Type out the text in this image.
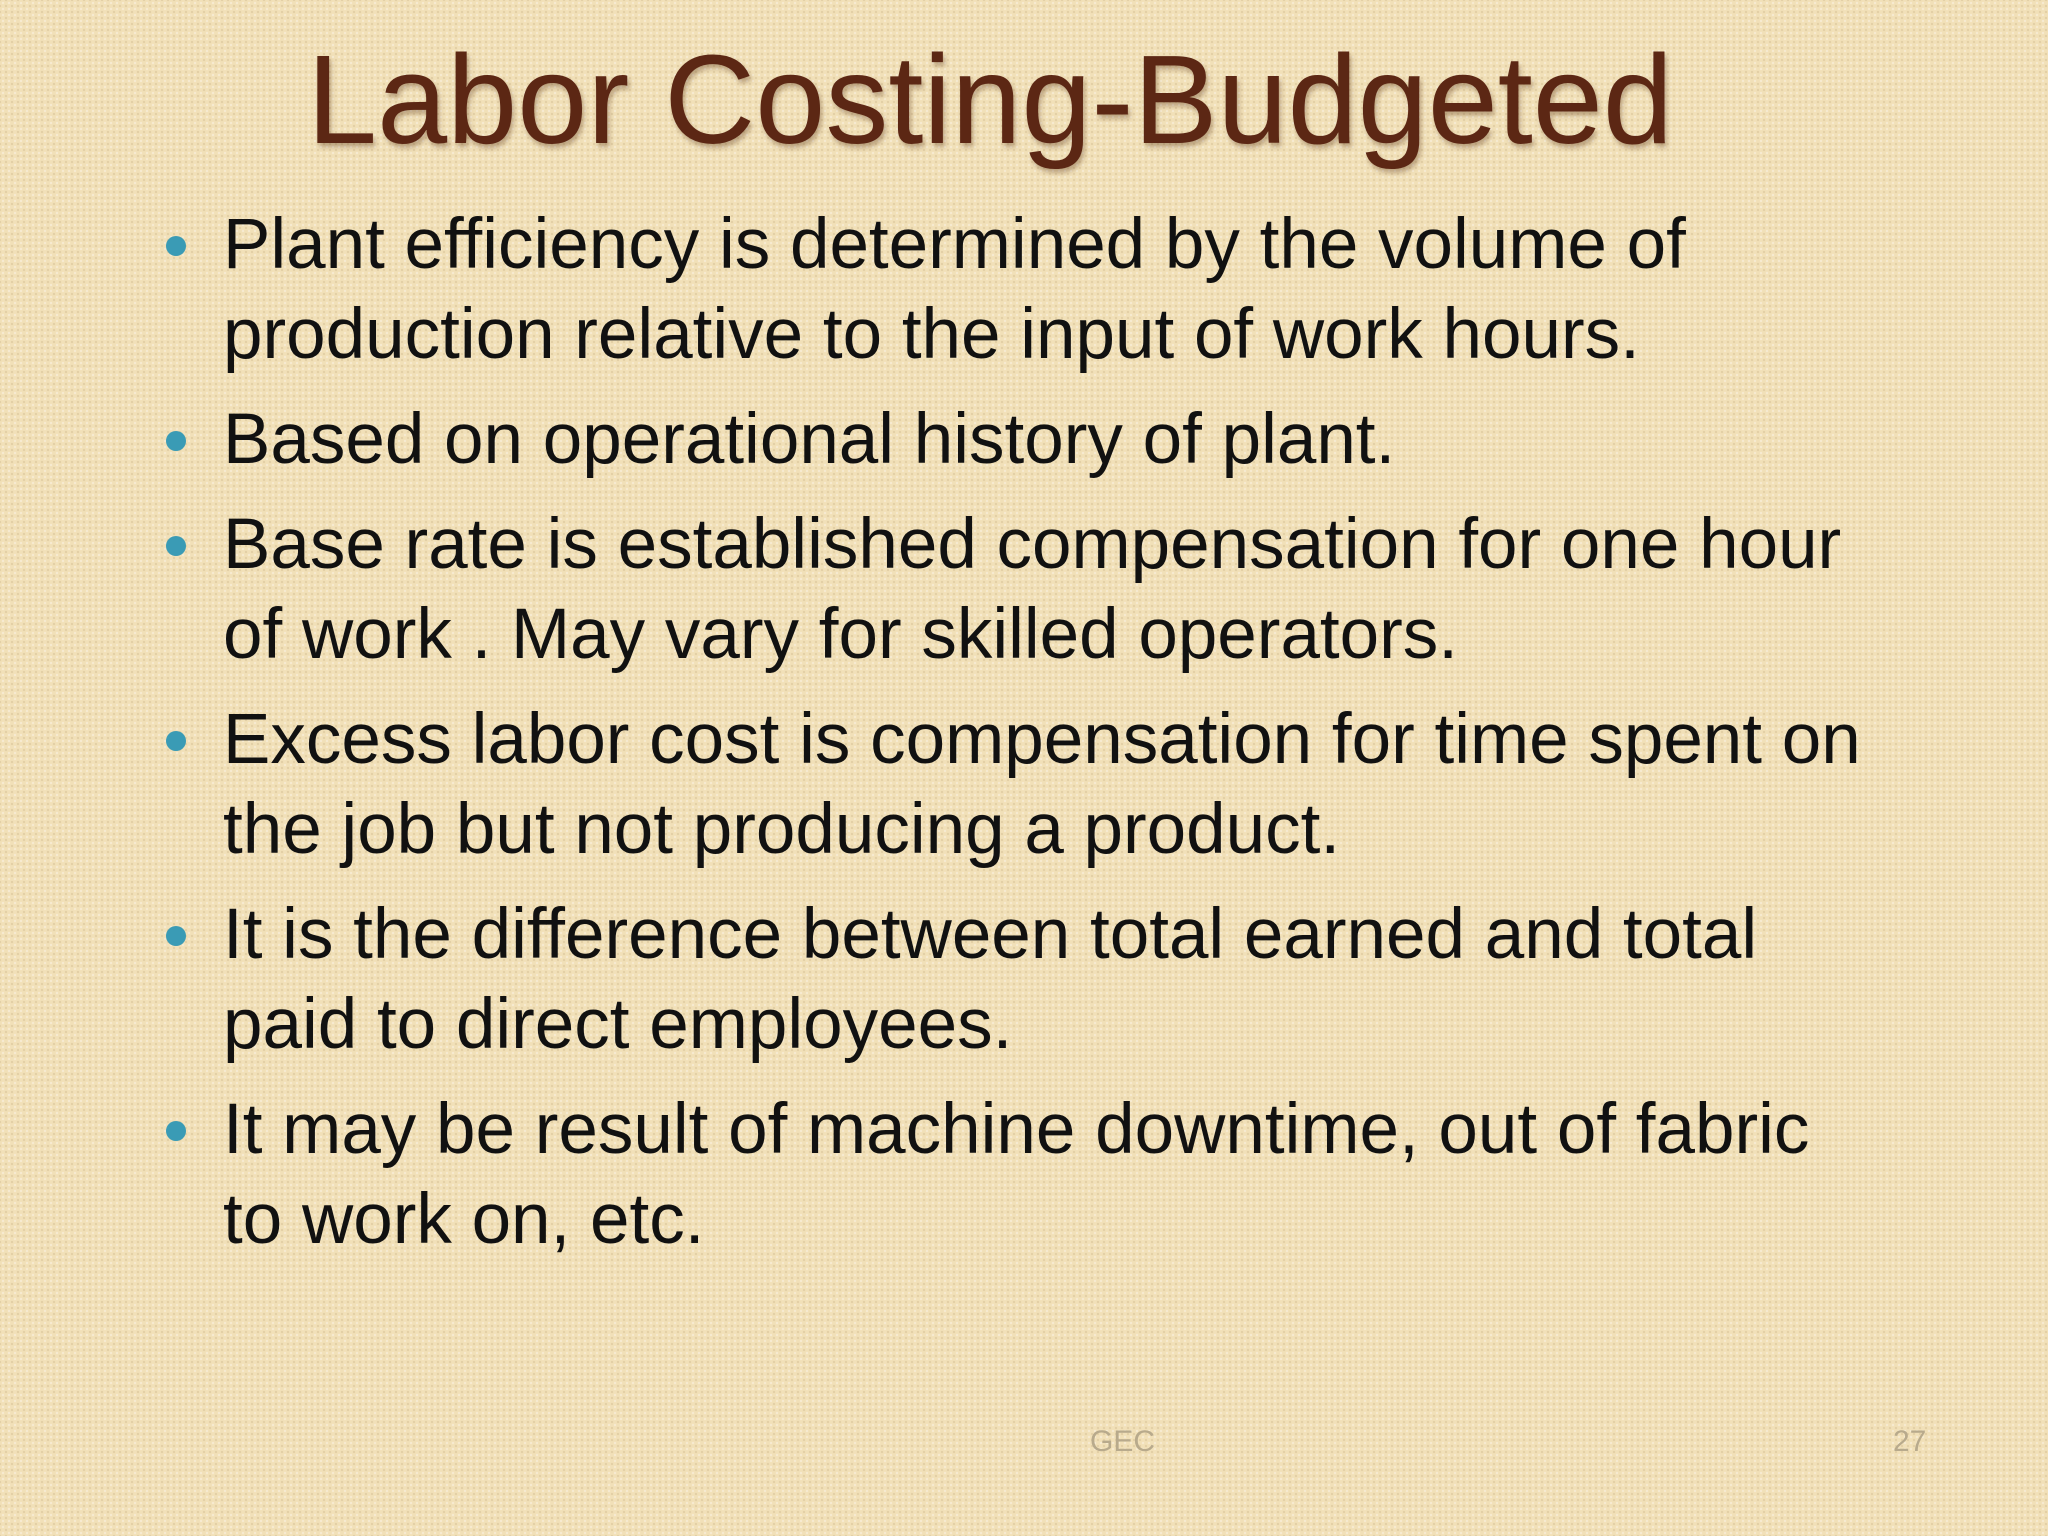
Labor Costing-Budgeted
Plant efficiency is determined by the volume of production relative to the input of work hours.
Based on operational history of plant.
Base rate is established compensation for one hour of work . May vary for skilled operators.
Excess labor cost is compensation for time spent on the job but not producing a product.
It is the difference between total earned and total paid to direct employees.
It may be result of machine downtime, out of fabric to work on, etc.
GEC	27
